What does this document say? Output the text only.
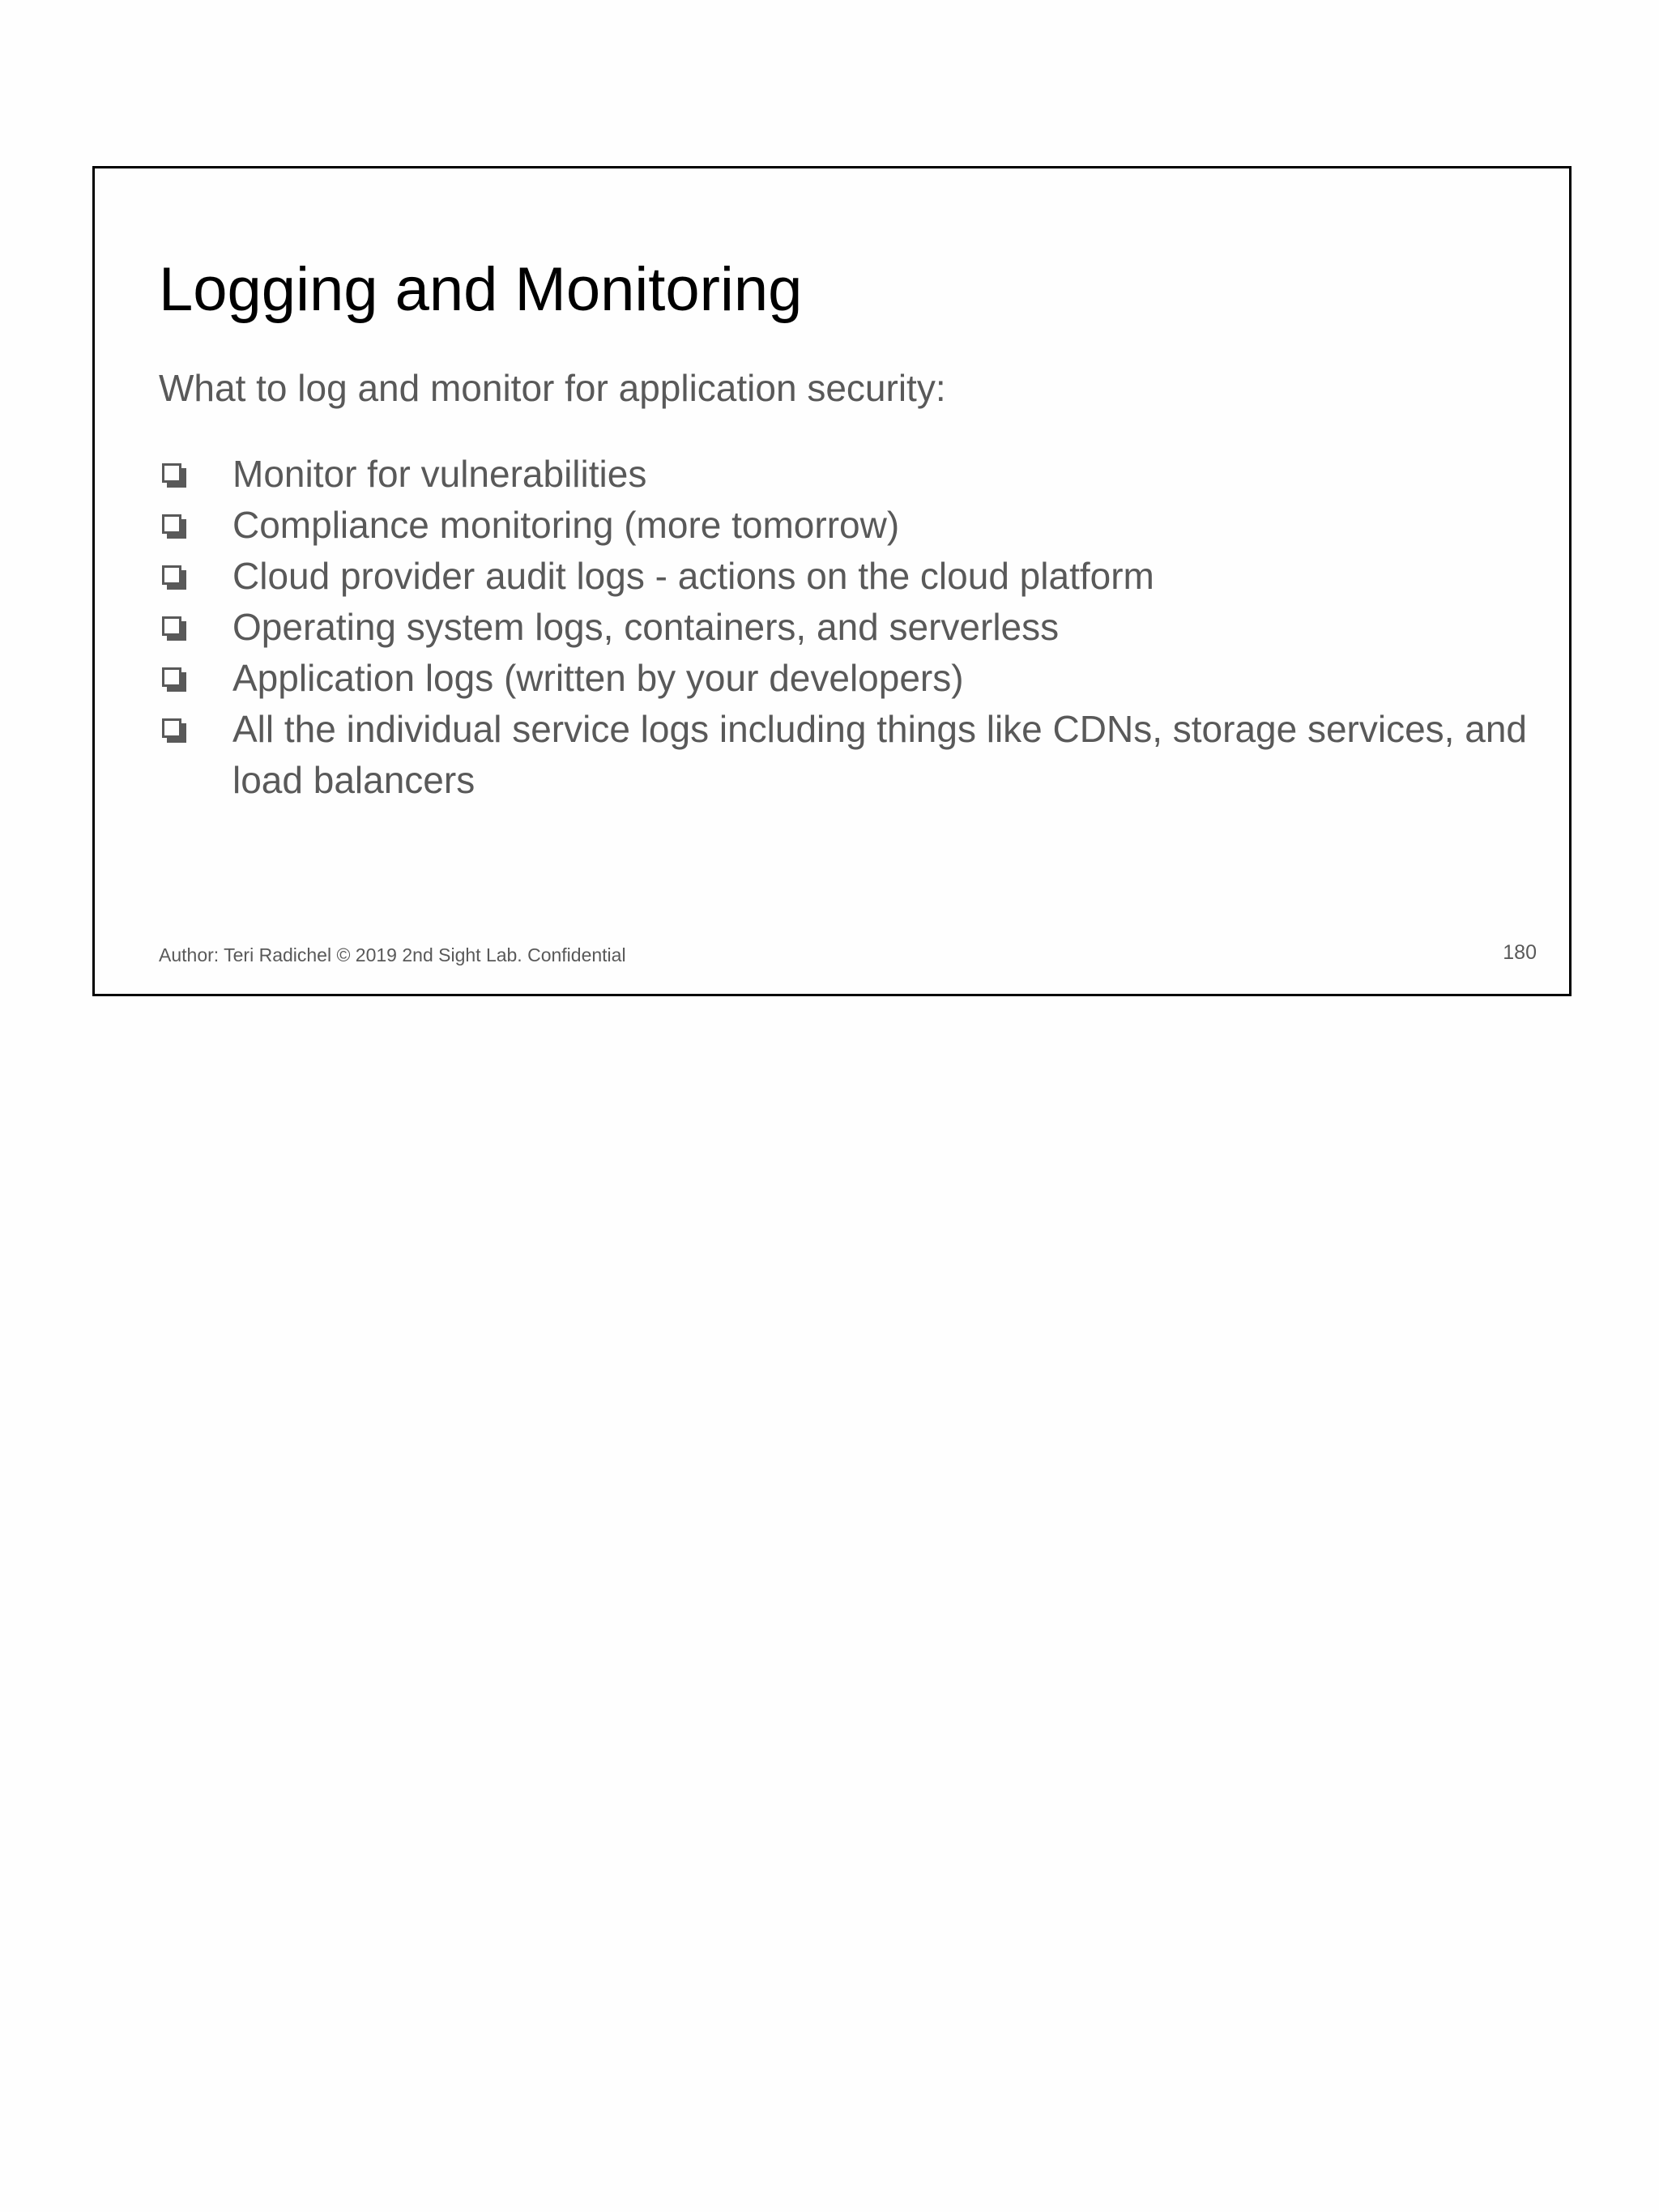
Logging and Monitoring

What to log and monitor for application security:

Monitor for vulnerabilities
Compliance monitoring (more tomorrow)
Cloud provider audit logs - actions on the cloud platform
Operating system logs, containers, and serverless
Application logs (written by your developers)
All the individual service logs including things like CDNs, storage services, and load balancers
Author: Teri Radichel © 2019 2nd Sight Lab. Confidential	180
